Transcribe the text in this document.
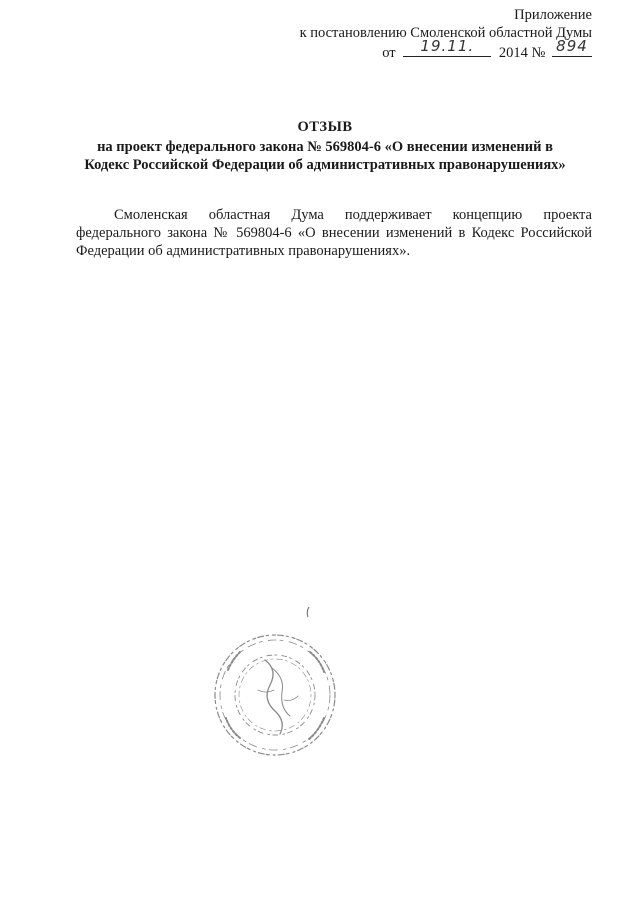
Приложение
к постановлению Смоленской областной Думы
от	19.11.	2014 № 894
ОТЗЫВ
на проект федерального закона № 569804-6 «О внесении изменений в
Кодекс Российской Федерации об административных правонарушениях»
Смоленская областная Дума поддерживает концепцию проекта федерального закона № 569804-6 «О внесении изменений в Кодекс Российской Федерации об административных правонарушениях».
